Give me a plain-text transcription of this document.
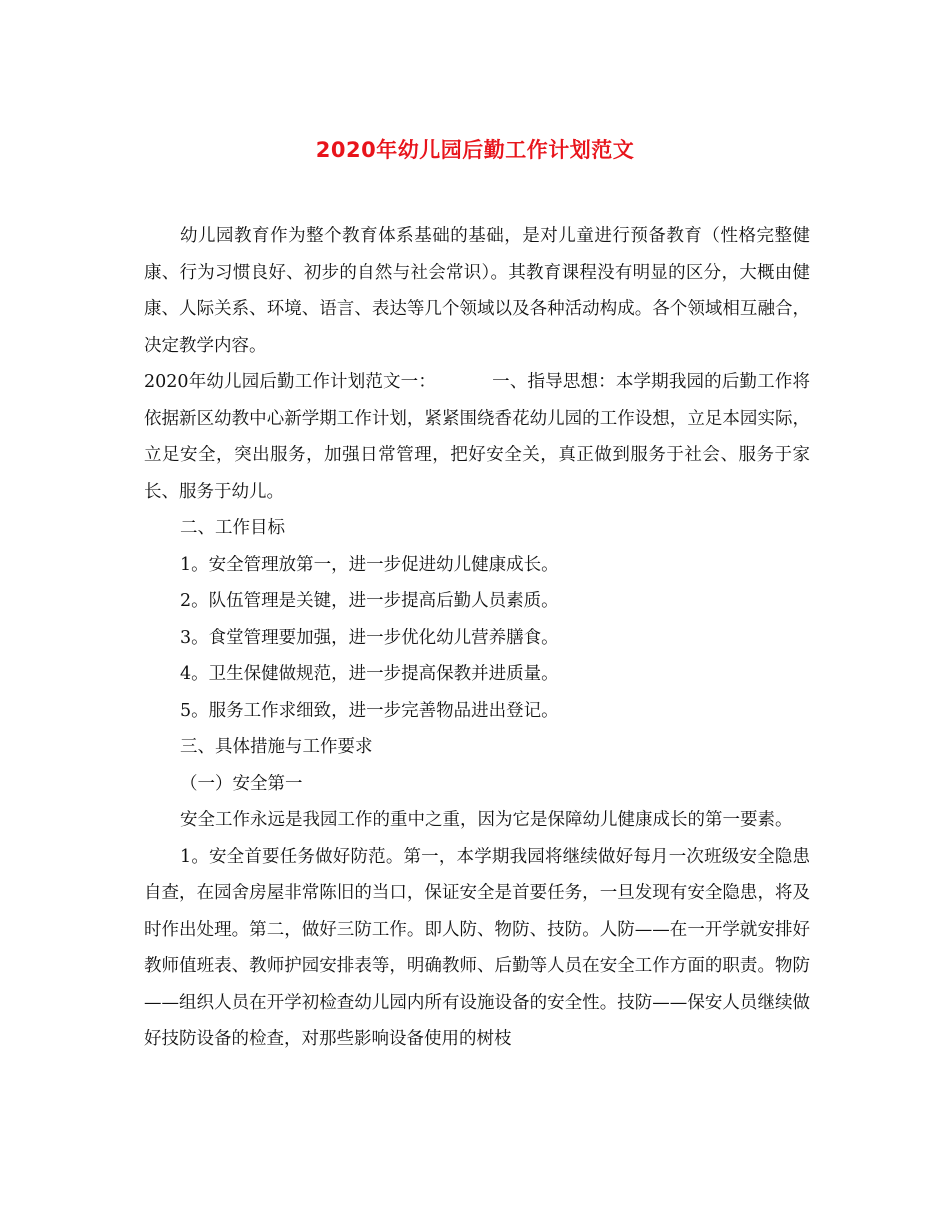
2020年幼儿园后勤工作计划范文

幼儿园教育作为整个教育体系基础的基础，是对儿童进行预备教育（性格完整健康、行为习惯良好、初步的自然与社会常识）。其教育课程没有明显的区分，大概由健康、人际关系、环境、语言、表达等几个领域以及各种活动构成。各个领域相互融合，决定教学内容。

2020年幼儿园后勤工作计划范文一：	一、指导思想：本学期我园的后勤工作将依据新区幼教中心新学期工作计划，紧紧围绕香花幼儿园的工作设想，立足本园实际，立足安全，突出服务，加强日常管理，把好安全关，真正做到服务于社会、服务于家长、服务于幼儿。

二、工作目标

1。安全管理放第一，进一步促进幼儿健康成长。

2。队伍管理是关键，进一步提高后勤人员素质。

3。食堂管理要加强，进一步优化幼儿营养膳食。

4。卫生保健做规范，进一步提高保教并进质量。

5。服务工作求细致，进一步完善物品进出登记。

三、具体措施与工作要求

（一）安全第一

安全工作永远是我园工作的重中之重，因为它是保障幼儿健康成长的第一要素。

1。安全首要任务做好防范。第一，本学期我园将继续做好每月一次班级安全隐患自查，在园舍房屋非常陈旧的当口，保证安全是首要任务，一旦发现有安全隐患，将及时作出处理。第二，做好三防工作。即人防、物防、技防。人防——在一开学就安排好教师值班表、教师护园安排表等，明确教师、后勤等人员在安全工作方面的职责。物防——组织人员在开学初检查幼儿园内所有设施设备的安全性。技防——保安人员继续做好技防设备的检查，对那些影响设备使用的树枝
